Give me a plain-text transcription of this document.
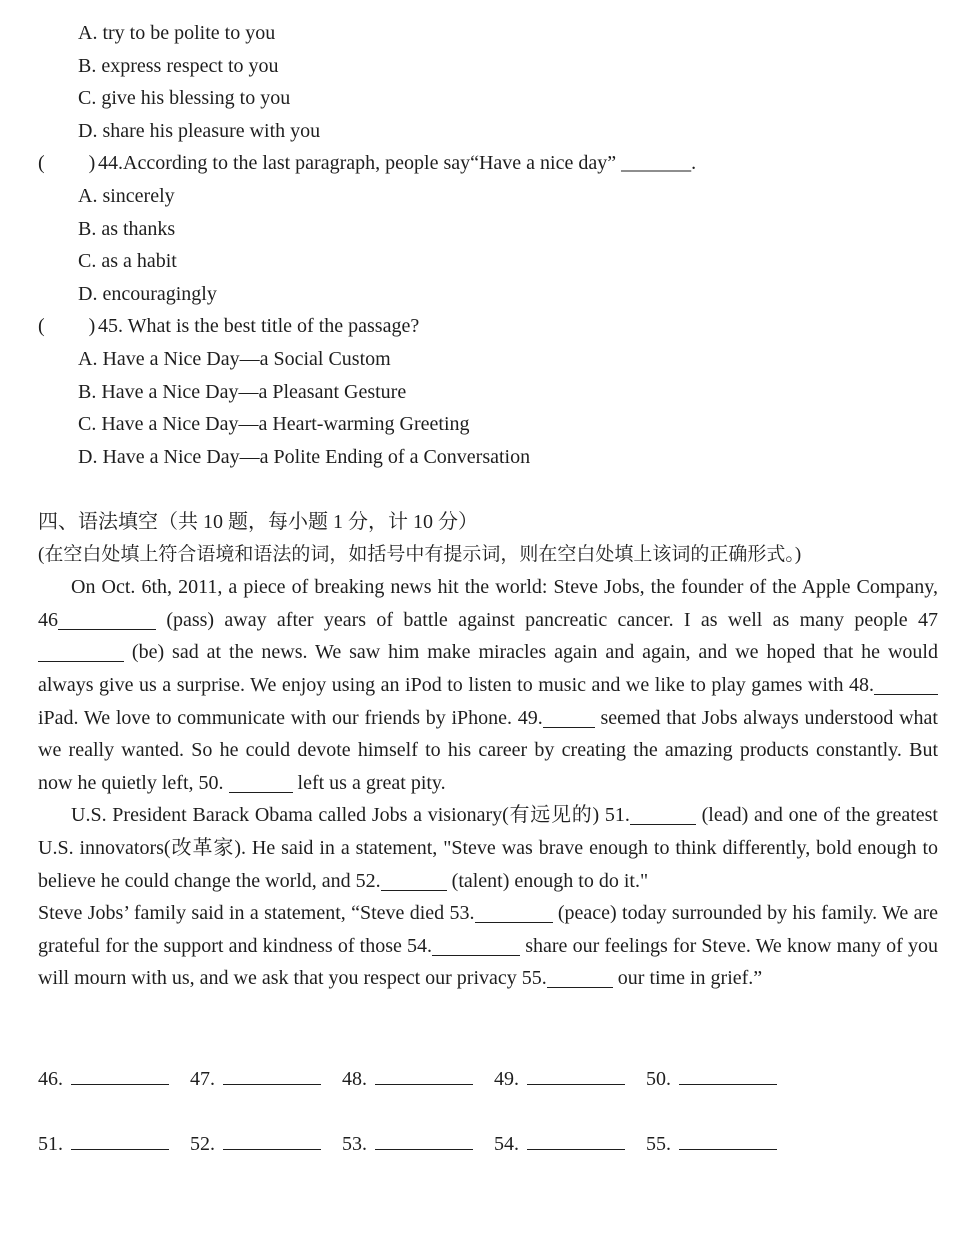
A. try to be polite to you
B. express respect to you
C. give his blessing to you
D. share his pleasure with you
( ) 44.According to the last paragraph, people say“Have a nice day” _______.
A. sincerely
B. as thanks
C. as a habit
D. encouragingly
( ) 45. What is the best title of the passage?
A. Have a Nice Day—a Social Custom
B. Have a Nice Day—a Pleasant Gesture
C. Have a Nice Day—a Heart-warming Greeting
D. Have a Nice Day—a Polite Ending of a Conversation
四、语法填空（共 10 题，每小题 1 分，计 10 分）
(在空白处填上符合语境和语法的词，如括号中有提示词，则在空白处填上该词的正确形式。)
On Oct. 6th, 2011, a piece of breaking news hit the world: Steve Jobs, the founder of the Apple Company, 46	(pass) away after years of battle against pancreatic cancer. I as well as many people 47 (be) sad at the news. We saw him make miracles again and again, and we hoped that he would always give us a surprise. We enjoy using an iPod to listen to music and we like to play games with 48. iPad. We love to communicate with our friends by iPhone. 49.	seemed that Jobs always understood what we really wanted. So he could devote himself to his career by creating the amazing products constantly. But now he quietly left, 50.	left us a great pity.
U.S. President Barack Obama called Jobs a visionary(有远见的) 51.	(lead) and one of the greatest U.S. innovators(改革家). He said in a statement, "Steve was brave enough to think differently, bold enough to believe he could change the world, and 52.	(talent) enough to do it."
Steve Jobs’ family said in a statement, “Steve died 53.	(peace) today surrounded by his family. We are grateful for the support and kindness of those 54.	share our feelings for Steve. We know many of you will mourn with us, and we ask that you respect our privacy 55.	our time in grief.”
46.	47.	48.	49.	50.
51.	52.	53.	54.	55.
